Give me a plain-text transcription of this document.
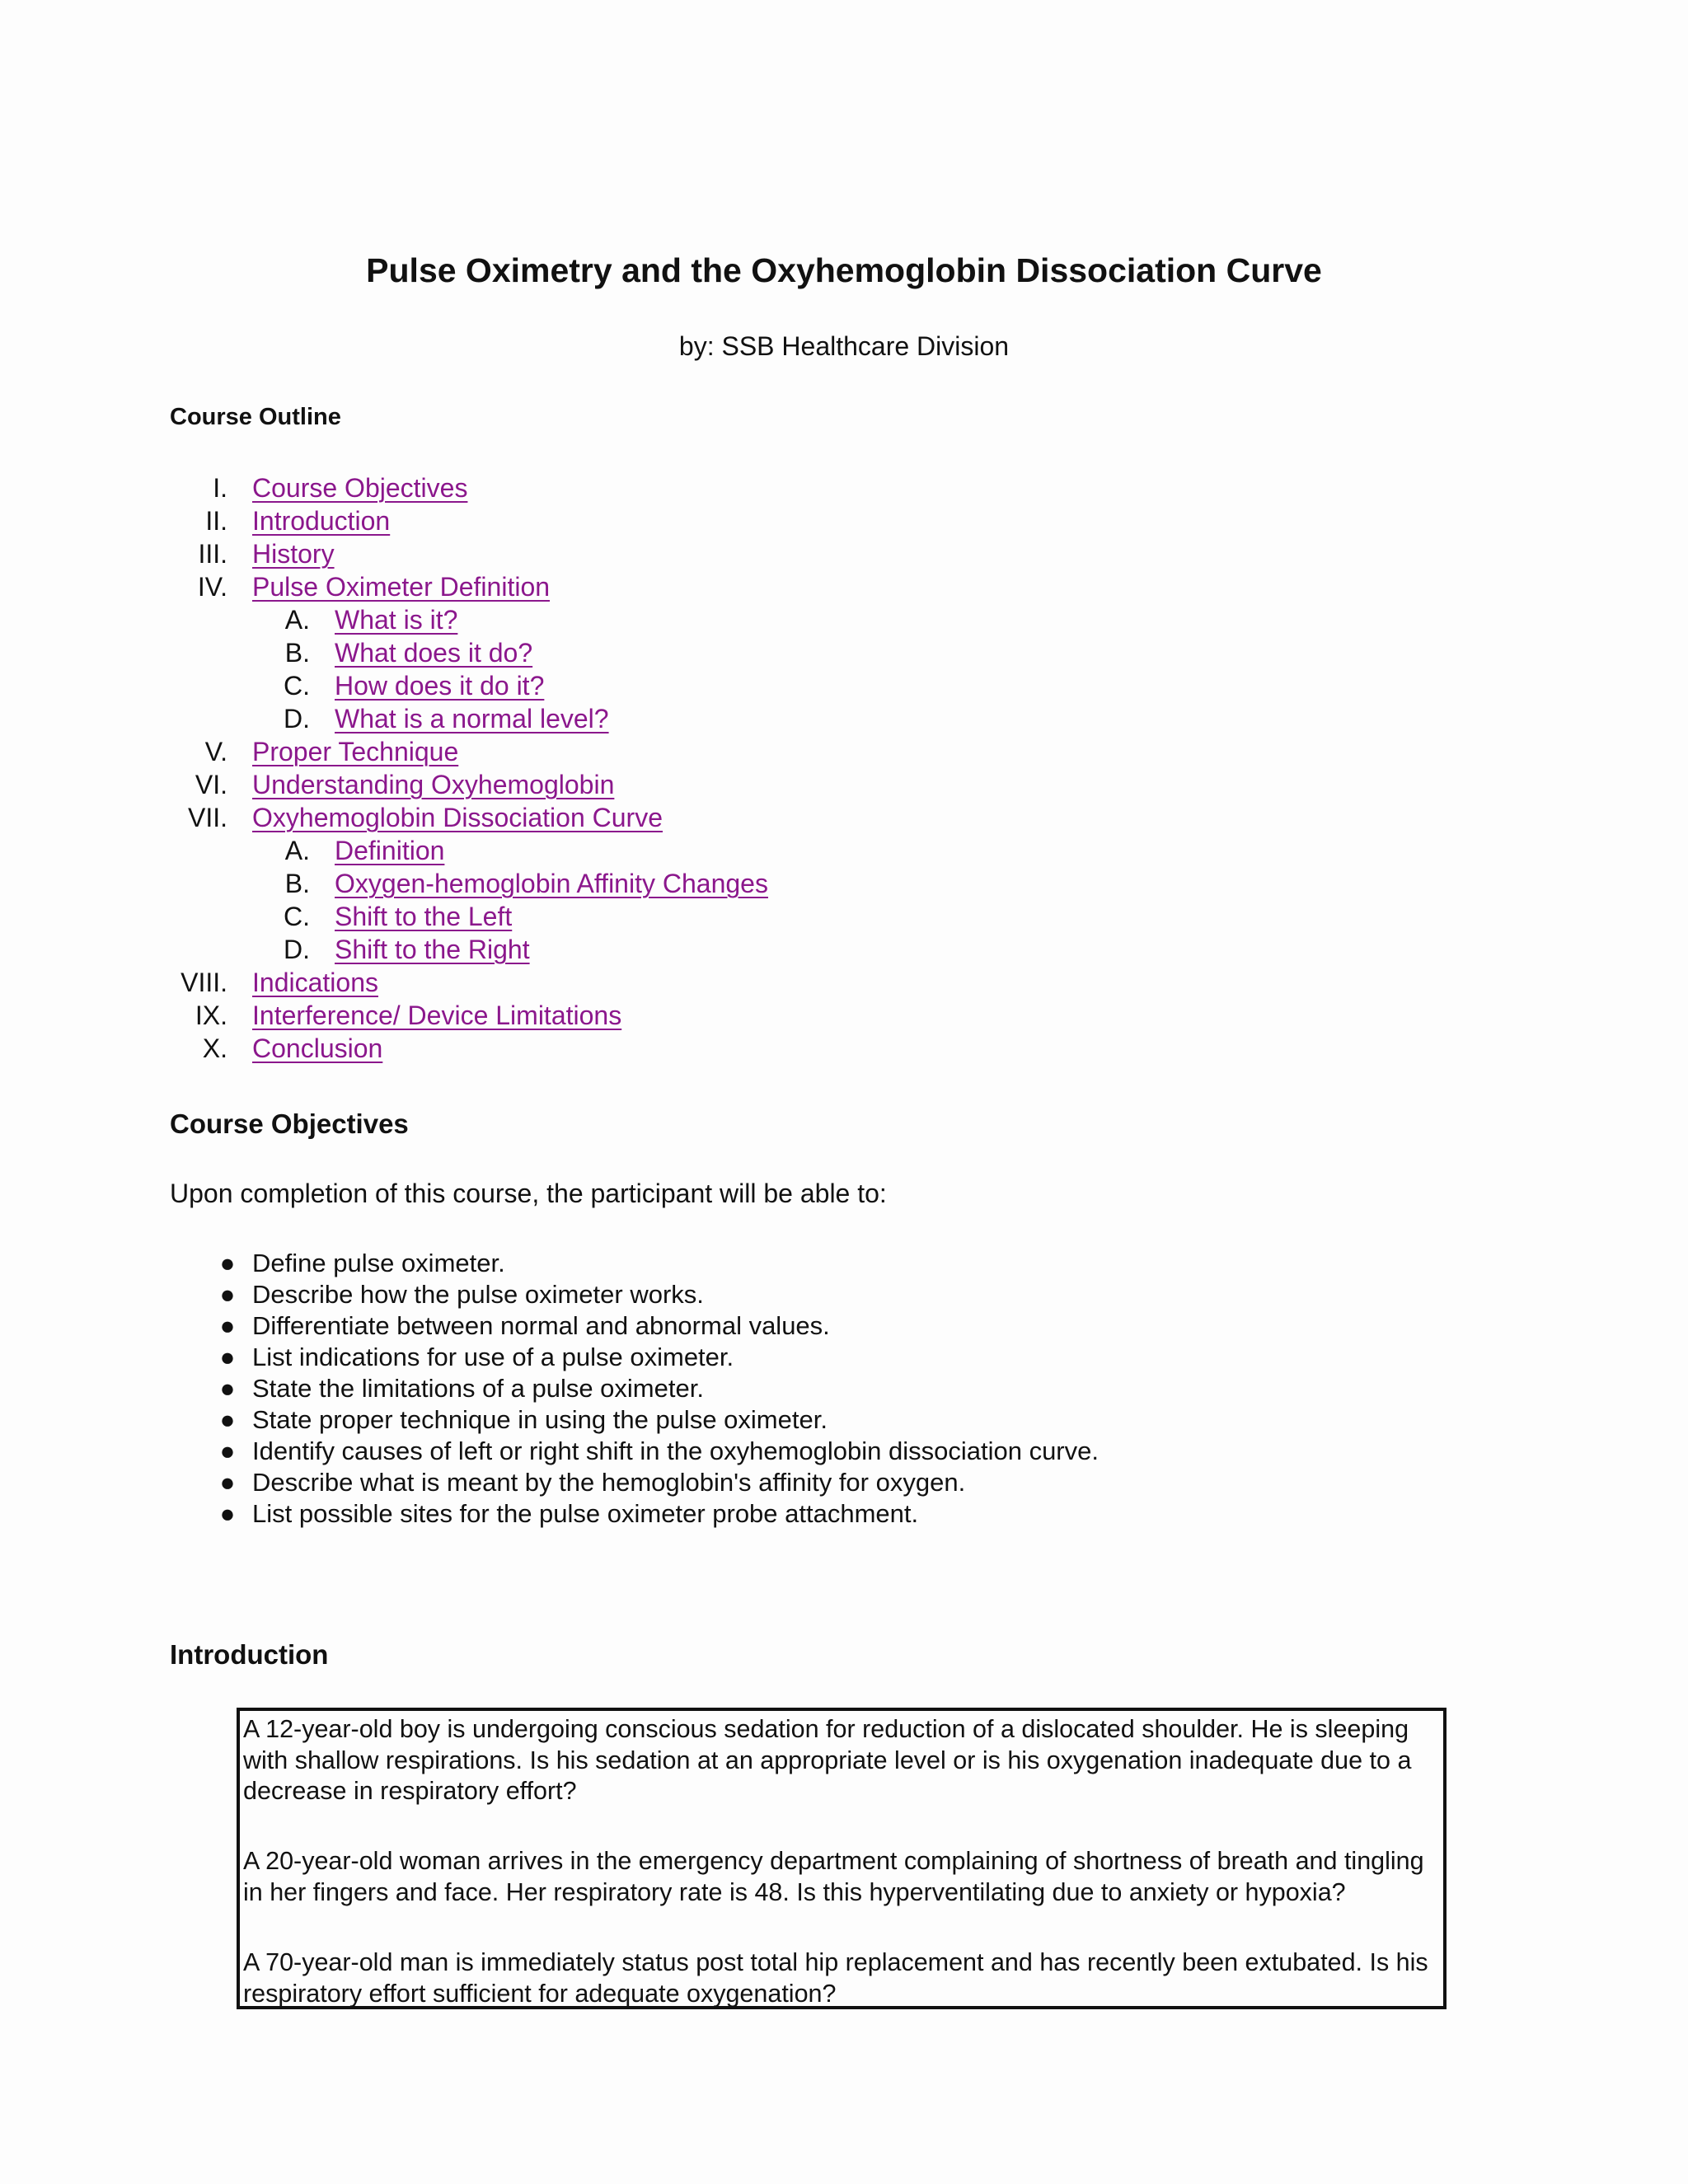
Pulse Oximetry and the Oxyhemoglobin Dissociation Curve
by: SSB Healthcare Division
Course Outline
I. Course Objectives
II. Introduction
III. History
IV. Pulse Oximeter Definition
A. What is it?
B. What does it do?
C. How does it do it?
D. What is a normal level?
V. Proper Technique
VI. Understanding Oxyhemoglobin
VII. Oxyhemoglobin Dissociation Curve
A. Definition
B. Oxygen-hemoglobin Affinity Changes
C. Shift to the Left
D. Shift to the Right
VIII. Indications
IX. Interference/ Device Limitations
X. Conclusion
Course Objectives
Upon completion of this course, the participant will be able to:
● Define pulse oximeter.
● Describe how the pulse oximeter works.
● Differentiate between normal and abnormal values.
● List indications for use of a pulse oximeter.
● State the limitations of a pulse oximeter.
● State proper technique in using the pulse oximeter.
● Identify causes of left or right shift in the oxyhemoglobin dissociation curve.
● Describe what is meant by the hemoglobin's affinity for oxygen.
● List possible sites for the pulse oximeter probe attachment.
Introduction
A 12-year-old boy is undergoing conscious sedation for reduction of a dislocated shoulder. He is sleeping with shallow respirations. Is his sedation at an appropriate level or is his oxygenation inadequate due to a decrease in respiratory effort?
A 20-year-old woman arrives in the emergency department complaining of shortness of breath and tingling in her fingers and face. Her respiratory rate is 48. Is this hyperventilating due to anxiety or hypoxia?
A 70-year-old man is immediately status post total hip replacement and has recently been extubated. Is his respiratory effort sufficient for adequate oxygenation?
